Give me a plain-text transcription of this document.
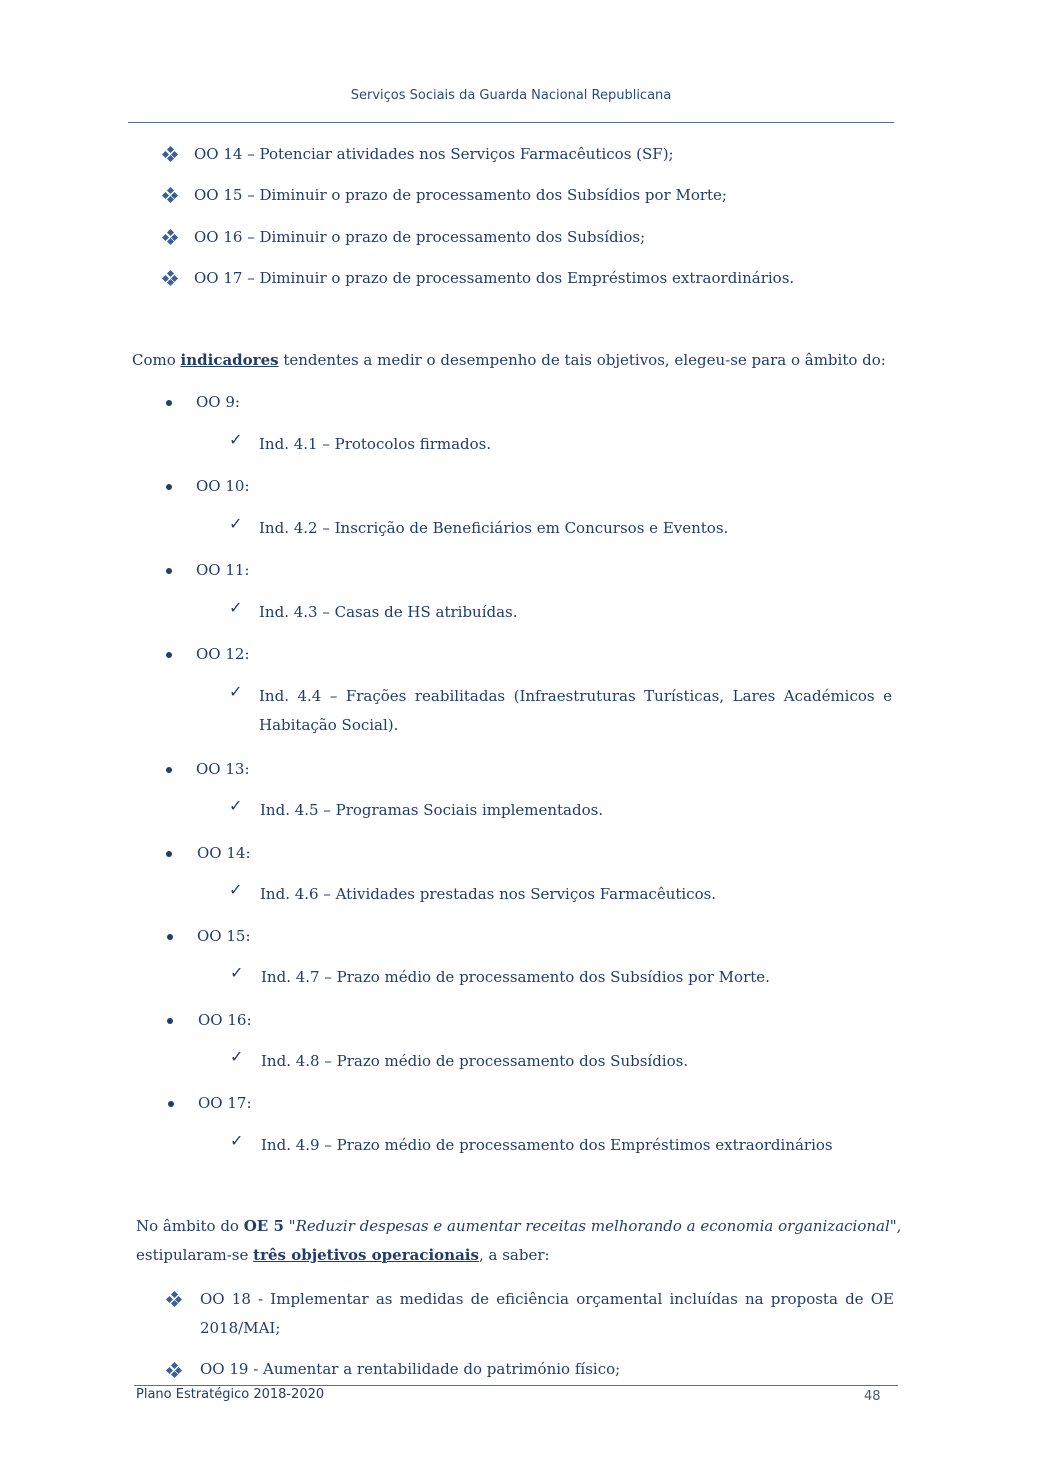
Serviços Sociais da Guarda Nacional Republicana
OO 14 – Potenciar atividades nos Serviços Farmacêuticos (SF);
OO 15 – Diminuir o prazo de processamento dos Subsídios por Morte;
OO 16 – Diminuir o prazo de processamento dos Subsídios;
OO 17 – Diminuir o prazo de processamento dos Empréstimos extraordinários.
Como indicadores tendentes a medir o desempenho de tais objetivos, elegeu-se para o âmbito do:
OO 9:
✓ Ind. 4.1 – Protocolos firmados.
OO 10:
✓ Ind. 4.2 – Inscrição de Beneficiários em Concursos e Eventos.
OO 11:
✓ Ind. 4.3 – Casas de HS atribuídas.
OO 12:
✓ Ind. 4.4 – Frações reabilitadas (Infraestruturas Turísticas, Lares Académicos e
Habitação Social).
OO 13:
✓ Ind. 4.5 – Programas Sociais implementados.
OO 14:
✓ Ind. 4.6 – Atividades prestadas nos Serviços Farmacêuticos.
OO 15:
✓ Ind. 4.7 – Prazo médio de processamento dos Subsídios por Morte.
OO 16:
✓ Ind. 4.8 – Prazo médio de processamento dos Subsídios.
OO 17:
✓ Ind. 4.9 – Prazo médio de processamento dos Empréstimos extraordinários
No âmbito do OE 5 "Reduzir despesas e aumentar receitas melhorando a economia organizacional",
estipularam-se três objetivos operacionais, a saber:
OO 18 - Implementar as medidas de eficiência orçamental incluídas na proposta de OE
2018/MAI;
OO 19 - Aumentar a rentabilidade do património físico;
Plano Estratégico 2018-2020	48
